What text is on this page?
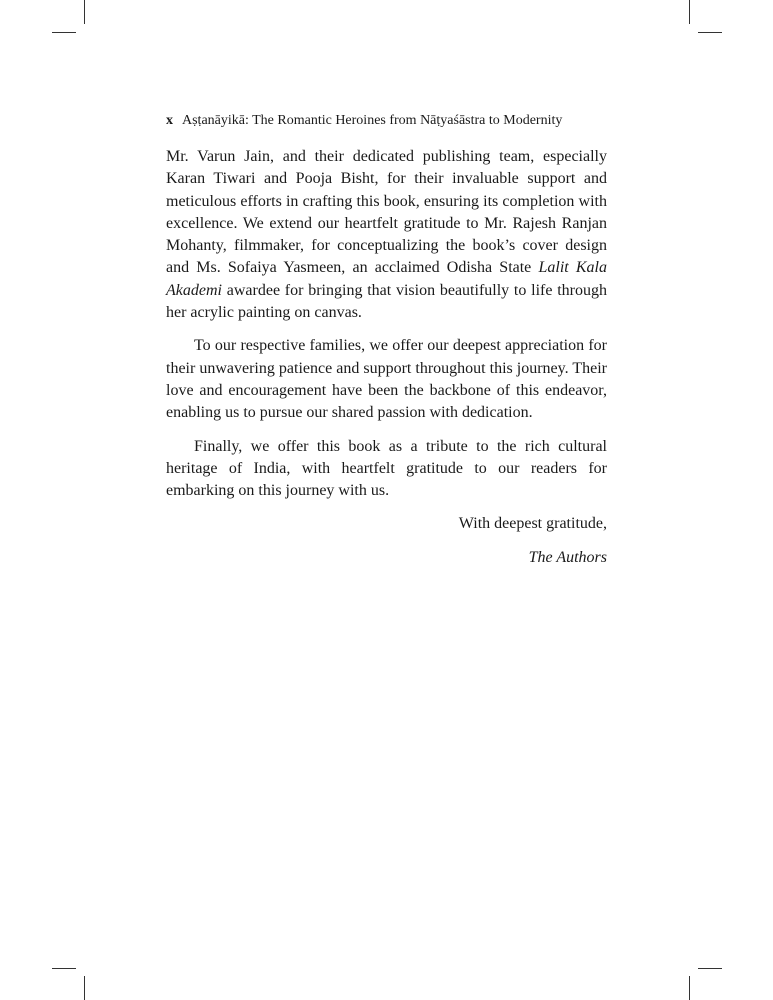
x Aṣṭanāyikā: The Romantic Heroines from Nāṭyaśāstra to Modernity

Mr. Varun Jain, and their dedicated publishing team, especially Karan Tiwari and Pooja Bisht, for their invaluable support and meticulous efforts in crafting this book, ensuring its completion with excellence. We extend our heartfelt gratitude to Mr. Rajesh Ranjan Mohanty, filmmaker, for conceptualizing the book’s cover design and Ms. Sofaiya Yasmeen, an acclaimed Odisha State Lalit Kala Akademi awardee for bringing that vision beautifully to life through her acrylic painting on canvas.

To our respective families, we offer our deepest appreciation for their unwavering patience and support throughout this journey. Their love and encouragement have been the backbone of this endeavor, enabling us to pursue our shared passion with dedication.

Finally, we offer this book as a tribute to the rich cultural heritage of India, with heartfelt gratitude to our readers for embarking on this journey with us.

With deepest gratitude,

The Authors
